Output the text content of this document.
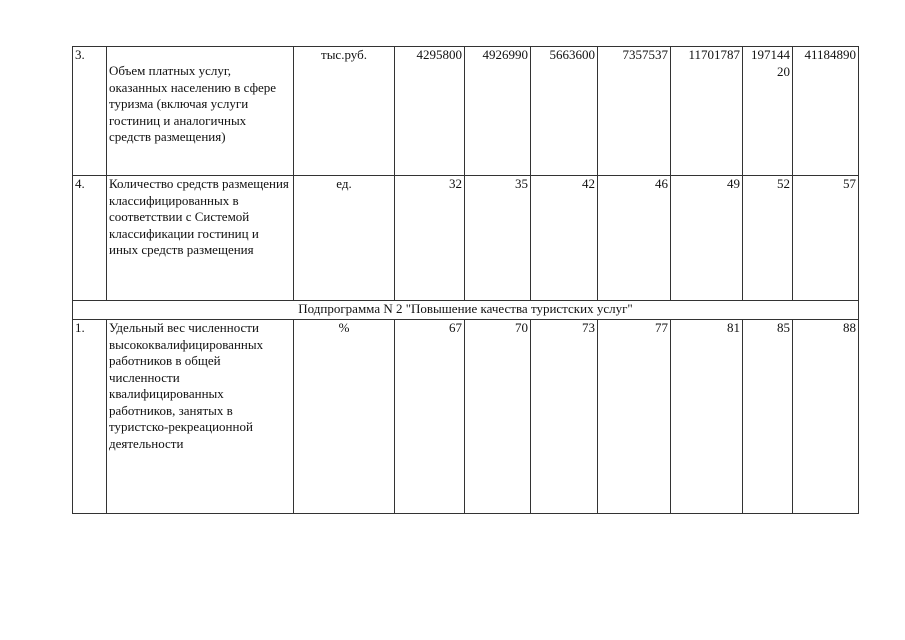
3.	Объем платных услуг, оказанных населению в сфере туризма (включая услуги гостиниц и аналогичных средств размещения)	тыс.руб.	4295800	4926990	5663600	7357537	11701787	19714420	41184890
4.	Количество средств размещения классифицированных в соответствии с Системой классификации гостиниц и иных средств размещения	ед.	32	35	42	46	49	52	57
Подпрограмма N 2 "Повышение качества туристских услуг"									
1.	Удельный вес численности высококвалифицированных работников в общей численности квалифицированных работников, занятых в туристско-рекреационной деятельности	%	67	70	73	77	81	85	88
